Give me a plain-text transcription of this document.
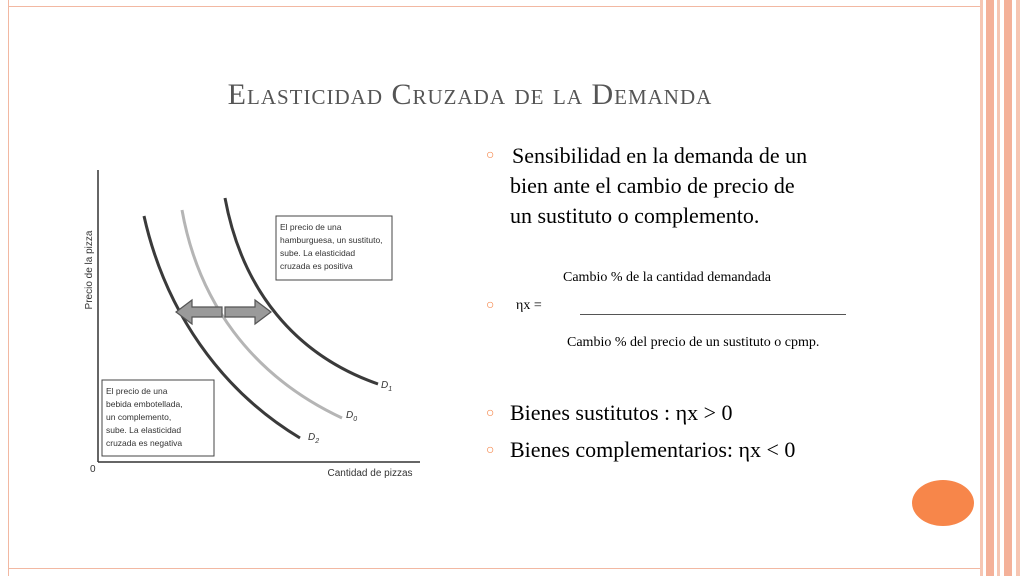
Elasticidad Cruzada de la Demanda
Precio de la pizza
Cantidad de pizzas
0
$D_1$
$D_0$
$D_2$
El precio de una hamburguesa, un sustituto, sube. La elasticidad cruzada es positiva
El precio de una bebida embotellada, un complemento, sube. La elasticidad cruzada es negativa
○ Sensibilidad en la demanda de un
bien ante el cambio de precio de
un sustituto o complemento.
Cambio % de la cantidad demandada
○ ηx =
Cambio % del precio de un sustituto o cpmp.
○ Bienes sustitutos : ηx > 0
○ Bienes complementarios: ηx < 0
